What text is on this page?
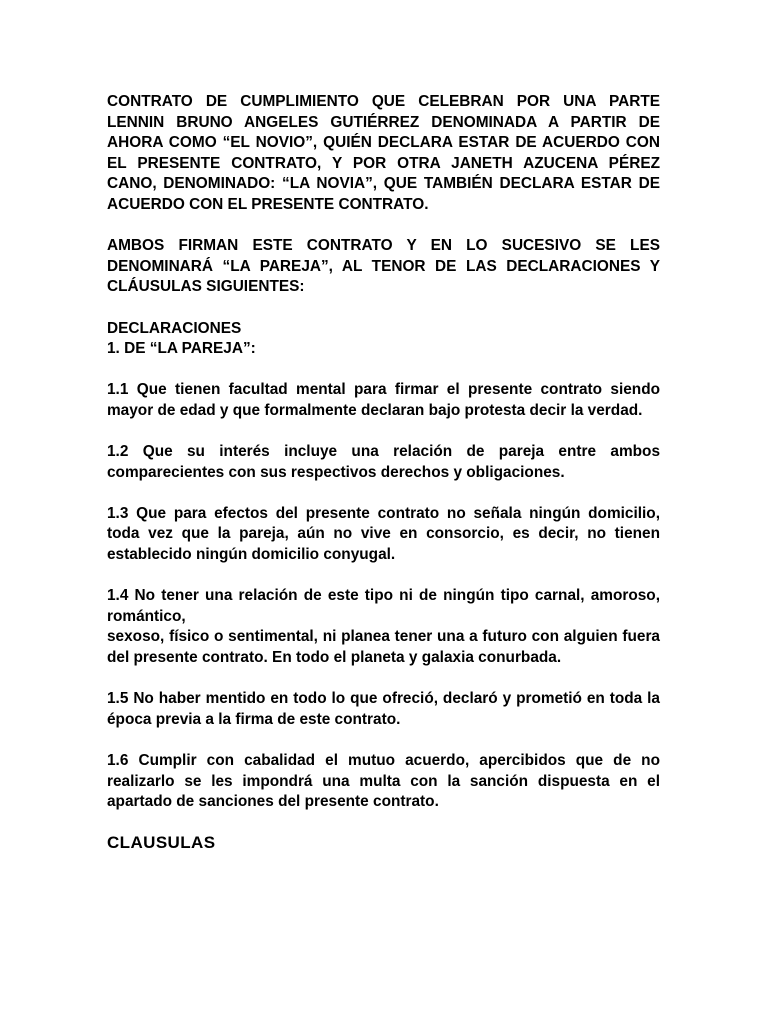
CONTRATO DE CUMPLIMIENTO QUE CELEBRAN POR UNA PARTE LENNIN BRUNO ANGELES GUTIÉRREZ DENOMINADA A PARTIR DE AHORA COMO “EL NOVIO”, QUIÉN DECLARA ESTAR DE ACUERDO CON EL PRESENTE CONTRATO, Y POR OTRA JANETH AZUCENA PÉREZ CANO, DENOMINADO: “LA NOVIA”, QUE TAMBIÉN DECLARA ESTAR DE ACUERDO CON EL PRESENTE CONTRATO.

AMBOS FIRMAN ESTE CONTRATO Y EN LO SUCESIVO SE LES DENOMINARÁ “LA PAREJA”, AL TENOR DE LAS DECLARACIONES Y CLÁUSULAS SIGUIENTES:

DECLARACIONES

1. DE “LA PAREJA”:

1.1 Que tienen facultad mental para firmar el presente contrato siendo mayor de edad y que formalmente declaran bajo protesta decir la verdad.

1.2 Que su interés incluye una relación de pareja entre ambos comparecientes con sus respectivos derechos y obligaciones.

1.3 Que para efectos del presente contrato no señala ningún domicilio, toda vez que la pareja, aún no vive en consorcio, es decir, no tienen establecido ningún domicilio conyugal.

1.4 No tener una relación de este tipo ni de ningún tipo carnal, amoroso, romántico,

sexoso, físico o sentimental, ni planea tener una a futuro con alguien fuera del presente contrato. En todo el planeta y galaxia conurbada.

1.5 No haber mentido en todo lo que ofreció, declaró y prometió en toda la época previa a la firma de este contrato.

1.6 Cumplir con cabalidad el mutuo acuerdo, apercibidos que de no realizarlo se les impondrá una multa con la sanción dispuesta en el apartado de sanciones del presente contrato.

CLAUSULAS
